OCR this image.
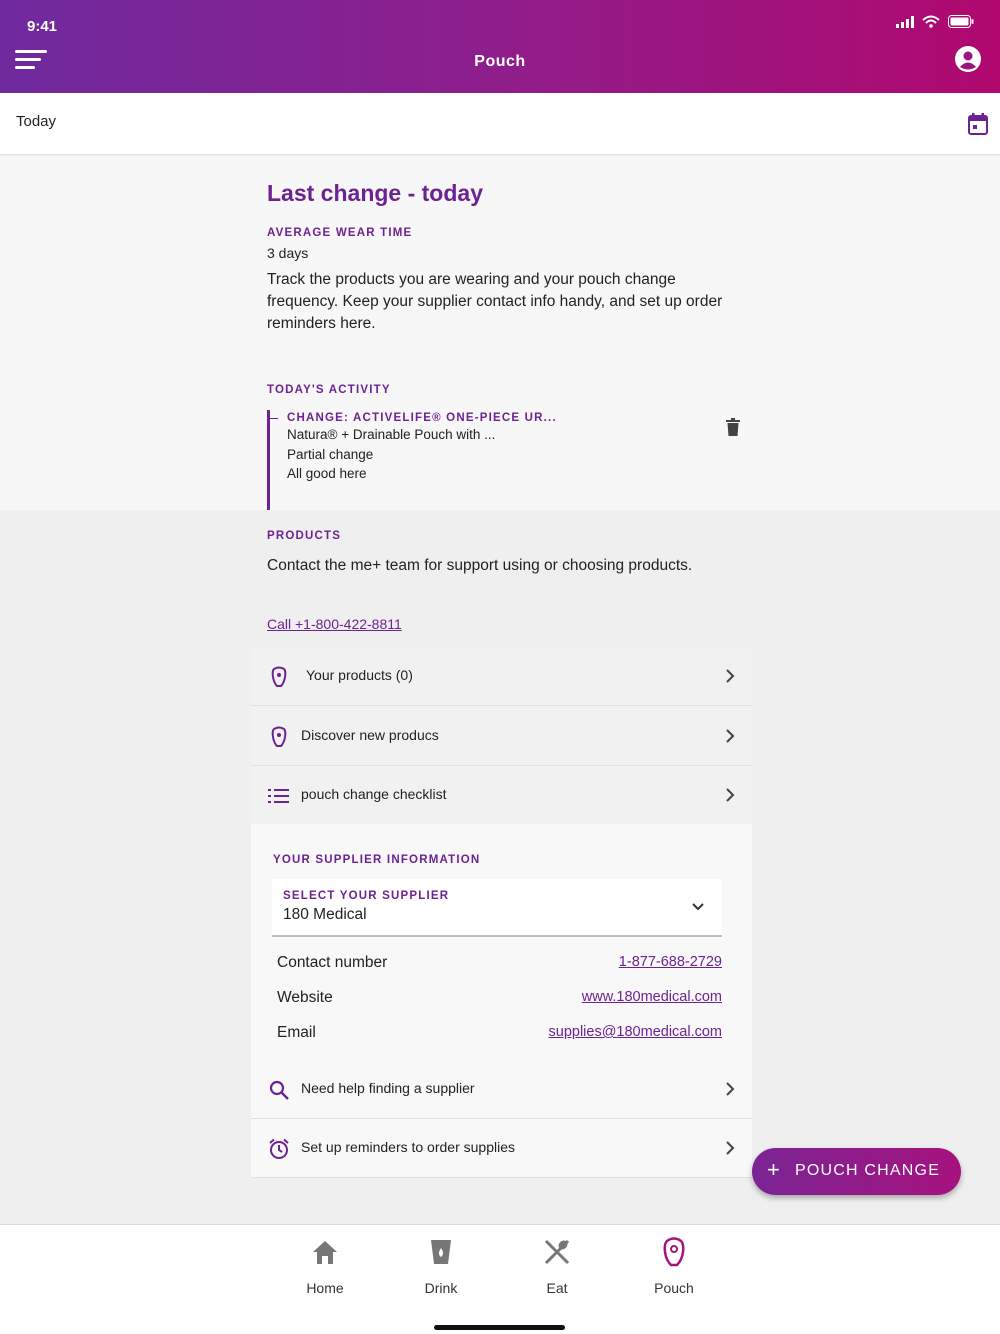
9:41
Pouch
Today
Last change - today
AVERAGE WEAR TIME
3 days
Track the products you are wearing and your pouch change frequency. Keep your supplier contact info handy, and set up order reminders here.
TODAY'S ACTIVITY
CHANGE: ACTIVELIFE® ONE-PIECE UR...
Natura® + Drainable Pouch with ...
Partial change
All good here
PRODUCTS
Contact the me+ team for support using or choosing products.
Call +1-800-422-8811
Your products (0)
Discover new producs
pouch change checklist
YOUR SUPPLIER INFORMATION
SELECT YOUR SUPPLIER
180 Medical
Contact number	1-877-688-2729
Website	www.180medical.com
Email	supplies@180medical.com
Need help finding a supplier
Set up reminders to order supplies
+ POUCH CHANGE
Home	Drink	Eat	Pouch
